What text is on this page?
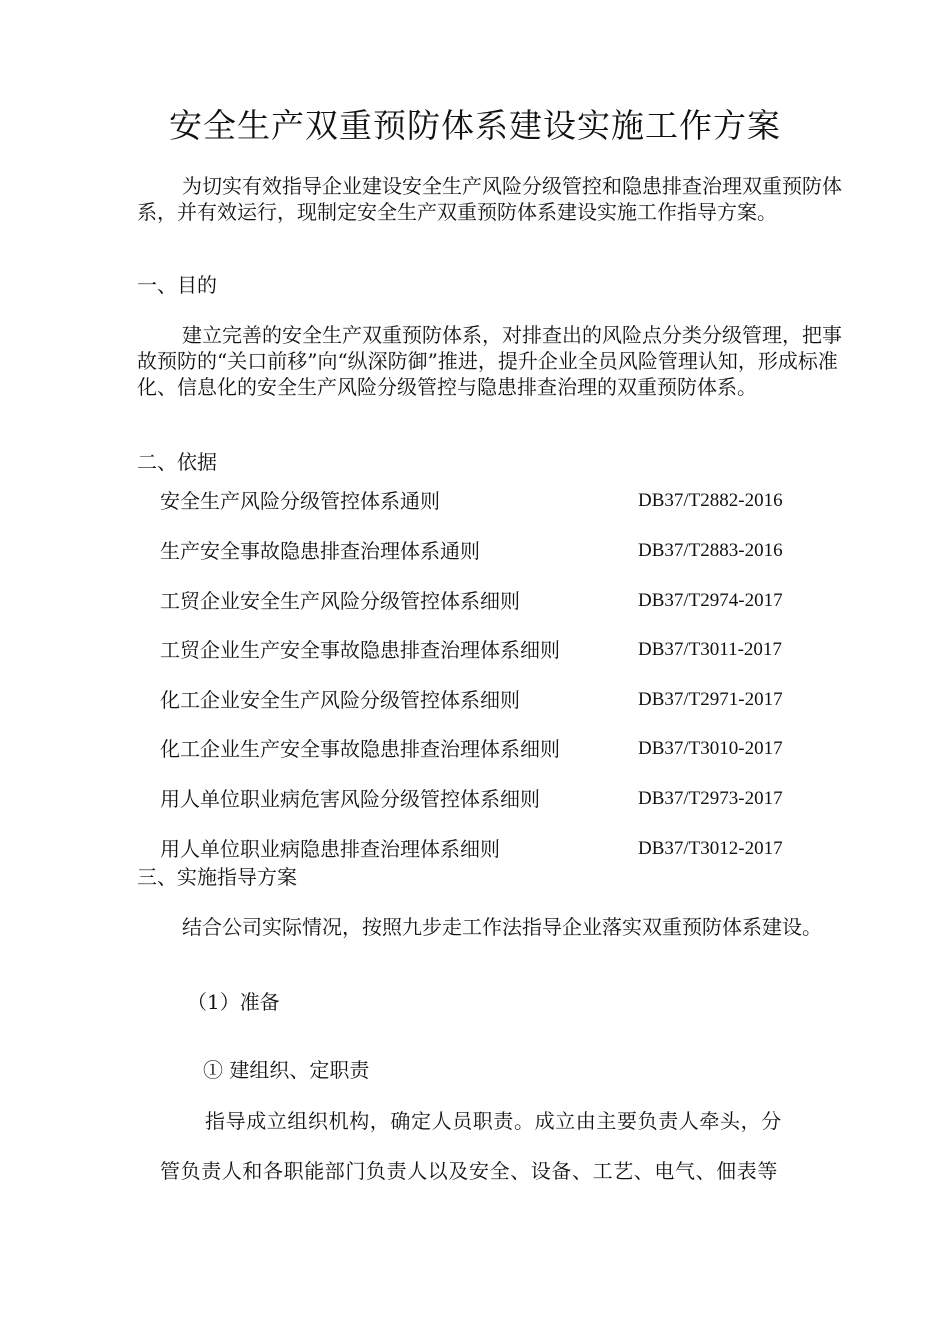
安全生产双重预防体系建设实施工作方案

为切实有效指导企业建设安全生产风险分级管控和隐患排查治理双重预防体系，并有效运行，现制定安全生产双重预防体系建设实施工作指导方案。

一、目的

建立完善的安全生产双重预防体系，对排查出的风险点分类分级管理，把事故预防的“关口前移”向“纵深防御”推进，提升企业全员风险管理认知，形成标准化、信息化的安全生产风险分级管控与隐患排查治理的双重预防体系。

二、依据
安全生产风险分级管控体系通则	DB37/T2882-2016
生产安全事故隐患排查治理体系通则	DB37/T2883-2016
工贸企业安全生产风险分级管控体系细则	DB37/T2974-2017
工贸企业生产安全事故隐患排查治理体系细则	DB37/T3011-2017
化工企业安全生产风险分级管控体系细则	DB37/T2971-2017
化工企业生产安全事故隐患排查治理体系细则	DB37/T3010-2017
用人单位职业病危害风险分级管控体系细则	DB37/T2973-2017
用人单位职业病隐患排查治理体系细则	DB37/T3012-2017
三、实施指导方案

结合公司实际情况，按照九步走工作法指导企业落实双重预防体系建设。

（1）准备
① 建组织、定职责
指导成立组织机构，确定人员职责。成立由主要负责人牵头，分
管负责人和各职能部门负责人以及安全、设备、工艺、电气、佃表等
